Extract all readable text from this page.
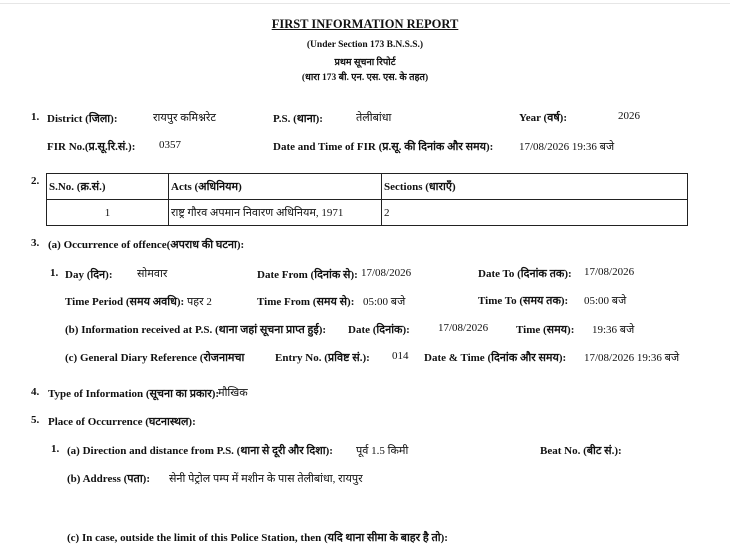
FIRST INFORMATION REPORT
(Under Section 173 B.N.S.S.)
प्रथम सूचना रिपोर्ट
(धारा 173 बी. एन. एस. एस. के तहत)
1. District (जिला):	रायपुर कमिश्नरेट	P.S. (थाना):	तेलीबांधा	Year (वर्ष):	2026
FIR No.(प्र.सू.रि.सं.): 0357	Date and Time of FIR (प्र.सू. की दिनांक और समय): 17/08/2026 19:36 बजे
2. S.No. (क्र.सं.)	Acts (अधिनियम)	Sections (धाराएँ)
1	राष्ट्र गौरव अपमान निवारण अधिनियम, 1971	2
3. (a) Occurrence of offence(अपराध की घटना):
1. Day (दिन): सोमवार	Date From (दिनांक से): 17/08/2026	Date To (दिनांक तक): 17/08/2026
Time Period (समय अवधि): पहर 2	Time From (समय से): 05:00 बजे	Time To (समय तक): 05:00 बजे
(b) Information received at P.S. (थाना जहां सूचना प्राप्त हुई): Date (दिनांक):	17/08/2026	Time (समय): 19:36 बजे
(c) General Diary Reference (रोजनामचा	Entry No. (प्रविष्ट सं.): 014 Date & Time (दिनांक और समय): 17/08/2026 19:36 बजे
4. Type of Information (सूचना का प्रकार):
मौखिक
5. Place of Occurrence (घटनास्थल):
1. (a) Direction and distance from P.S. (थाना से दूरी और दिशा): पूर्व 1.5 किमी	Beat No. (बीट सं.):
(b) Address (पता): सेनी पेट्रोल पम्प में मशीन के पास तेलीबांधा, रायपुर
(c) In case, outside the limit of this Police Station, then (यदि थाना सीमा के बाहर है तो):
